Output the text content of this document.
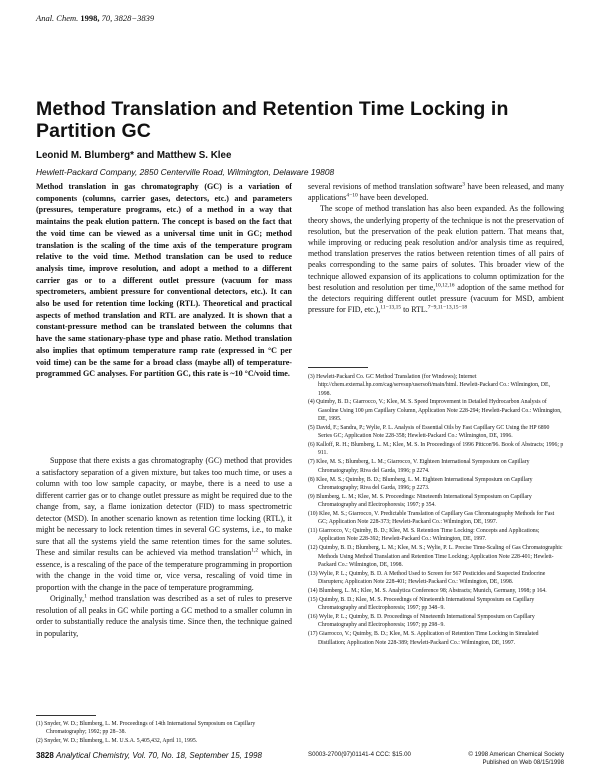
Anal. Chem. 1998, 70, 3828−3839
Method Translation and Retention Time Locking in Partition GC
Leonid M. Blumberg* and Matthew S. Klee
Hewlett-Packard Company, 2850 Centerville Road, Wilmington, Delaware 19808
Method translation in gas chromatography (GC) is a variation of components (columns, carrier gases, detectors, etc.) and parameters (pressures, temperature programs, etc.) of a method in a way that maintains the peak elution pattern. The concept is based on the fact that the void time can be viewed as a universal time unit in GC; method translation is the scaling of the time axis of the temperature program relative to the void time. Method translation can be used to reduce analysis time, improve resolution, and adopt a method to a different carrier gas or to a different outlet pressure (vacuum for mass spectrometers, ambient pressure for conventional detectors, etc.). It can also be used for retention time locking (RTL). Theoretical and practical aspects of method translation and RTL are analyzed. It is shown that a constant-pressure method can be translated between the columns that have the same stationary-phase type and phase ratio. Method translation also implies that optimum temperature ramp rate (expressed in °C per void time) can be the same for a broad class (maybe all) of temperature-programmed GC analyses. For partition GC, this rate is ~10 °C/void time.

Suppose that there exists a gas chromatography (GC) method that provides a satisfactory separation of a given mixture, but takes too much time, or uses a column with too low sample capacity, or maybe, there is a need to use a different carrier gas or to change outlet pressure as might be required due to the change from, say, a flame ionization detector (FID) to mass spectrometric detector (MSD). In another scenario known as retention time locking (RTL), it might be necessary to lock retention times in several GC systems, i.e., to make sure that all the systems yield the same retention times for the same solutes. These and similar results can be achieved via method translation$^{1,2}$ which, in essence, is a rescaling of the pace of the temperature programming in proportion with the change in the void time or, vice versa, rescaling of void time in proportion with the change in the pace of temperature programming.

Originally,$^1$ method translation was described as a set of rules to preserve resolution of all peaks in GC while porting a GC method to a smaller column in order to substantially reduce the analysis time. Since then, the technique gained in popularity,

(1) Snyder, W. D.; Blumberg, L. M. Proceedings of 14th International Symposium on Capillary Chromatography; 1992; pp 28−38.
(2) Snyder, W. D.; Blumberg, L. M. U.S.A. 5,405,432, April 11, 1995.

several revisions of method translation software$^3$ have been released, and many applications$^{4-10}$ have been developed.

The scope of method translation has also been expanded. As the following theory shows, the underlying property of the technique is not the preservation of resolution, but the preservation of the peak elution pattern. That means that, while improving or reducing peak resolution and/or analysis time as required, method translation preserves the ratios between retention times of all pairs of peaks corresponding to the same pairs of solutes. This broader view of the technique allowed expansion of its applications to column optimization for the best resolution and resolution per time,$^{10,12,16}$ adoption of the same method for the detectors requiring different outlet pressure (vacuum for MSD, ambient pressure for FID, etc.),$^{11-13,15}$ to RTL.$^{7-9,11-13,15-18}$

(3) Hewlett-Packard Co. GC Method Translation (for Windows); Internet http://chem.external.hp.com/cag/servsup/usersoft/main/html. Hewlett-Packard Co.: Wilmington, DE, 1998.
(4) Quimby, B. D.; Giarrocco, V.; Klee, M. S. Speed Improvement in Detailed Hydrocarbon Analysis of Gasoline Using 100 μm Capillary Column, Application Note 228-294; Hewlett-Packard Co.: Wilmington, DE, 1995.
(5) David, F.; Sandra, P.; Wylie, P. L. Analysis of Essential Oils by Fast Capillary GC Using the HP 6890 Series GC; Application Note 228-358; Hewlett-Packard Co.: Wilmington, DE, 1996.
(6) Kalloff, R. H.; Blumberg, L. M.; Klee, M. S. In Proceedings of 1996 Pittcon'96. Book of Abstracts; 1996; p 911.
(7) Klee, M. S.; Blumberg, L. M.; Giarrocco, V. Eighteen International Symposium on Capillary Chromatography; Riva del Garda, 1996; p 2274.
(8) Klee, M. S.; Quimby, B. D.; Blumberg, L. M. Eighteen International Symposium on Capillary Chromatography; Riva del Garda, 1996; p 2273.
(9) Blumberg, L. M.; Klee, M. S. Proceedings: Nineteenth International Symposium on Capillary Chromatography and Electrophoresis; 1997; p 354.
(10) Klee, M. S.; Giarrocco, V. Predictable Translation of Capillary Gas Chromatography Methods for Fast GC; Application Note 228-373; Hewlett-Packard Co.: Wilmington, DE, 1997.
(11) Giarrocco, V.; Quimby, B. D.; Klee, M. S. Retention Time Locking: Concepts and Applications; Application Note 228-392; Hewlett-Packard Co.: Wilmington, DE, 1997.
(12) Quimby, B. D.; Blumberg, L. M.; Klee, M. S.; Wylie, P. L. Precise Time-Scaling of Gas Chromatographic Methods Using Method Translation and Retention Time Locking; Application Note 228-401; Hewlett-Packard Co.: Wilmington, DE, 1998.
(13) Wylie, P. L.; Quimby, B. D. A Method Used to Screen for 567 Pesticides and Suspected Endocrine Disrupters; Application Note 228-401; Hewlett-Packard Co.: Wilmington, DE, 1998.
(14) Blumberg, L. M.; Klee, M. S. Analytica Conference 98; Abstracts; Munich, Germany, 1998; p 164.
(15) Quimby, B. D.; Klee, M. S. Proceedings of Nineteenth International Symposium on Capillary Chromatography and Electrophoresis; 1997; pp 348−9.
(16) Wylie, P. L.; Quimby, B. D. Proceedings of Nineteenth International Symposium on Capillary Chromatography and Electrophoresis; 1997; pp 298−9.
(17) Giarrocco, V.; Quimby, B. D.; Klee, M. S. Application of Retention Time Locking in Simulated Distillation; Application Note 228-389; Hewlett-Packard Co.: Wilmington, DE, 1997.
3828 Analytical Chemistry, Vol. 70, No. 18, September 15, 1998	S0003-2700(97)01141-4 CCC: $15.00	© 1998 American Chemical Society
Published on Web 08/15/1998
